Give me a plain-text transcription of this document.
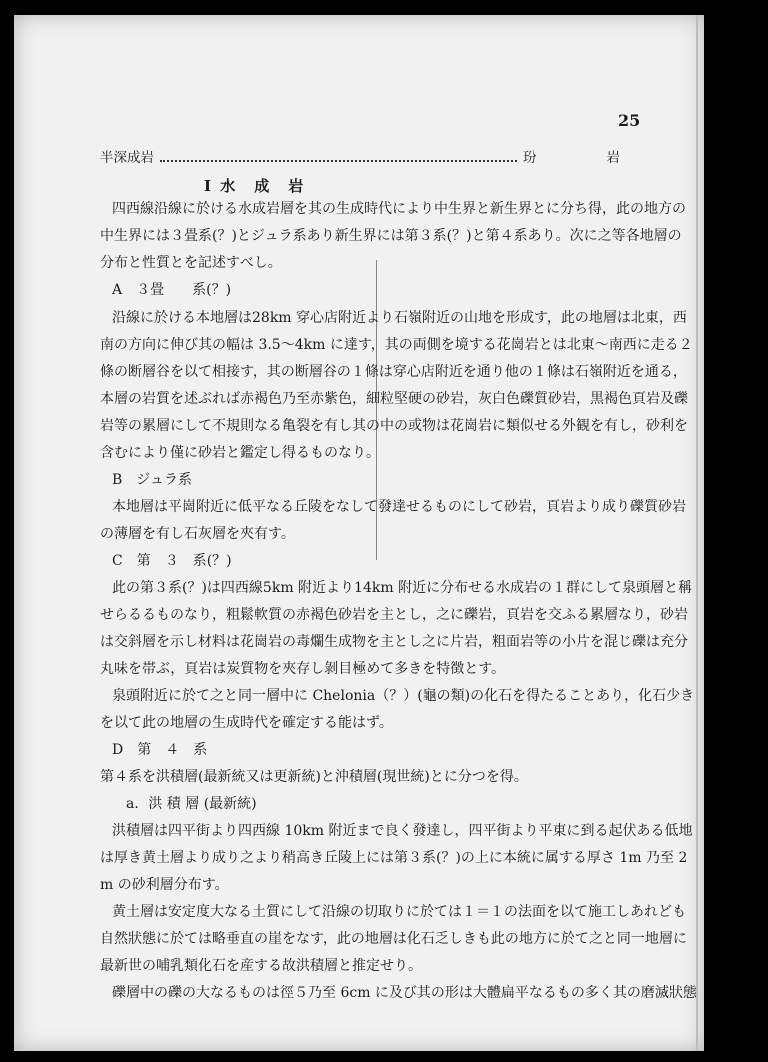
25
半深成岩	玢	岩
I 水　成　岩
四西線沿線に於ける水成岩層を其の生成時代により中生界と新生界とに分ち得，此の地方の
中生界には３畳系(？)とジュラ系あり新生界には第３系(？)と第４系あり。次に之等各地層の
分布と性質とを記述すべし。
A　３畳　　系(？)
沿線に於ける本地層は28km 穿心店附近より石嶺附近の山地を形成す，此の地層は北東，西
南の方向に伸び其の幅は 3.5～4km に達す，其の両側を境する花崗岩とは北東～南西に走る２
條の断層谷を以て相接す，其の断層谷の１條は穿心店附近を通り他の１條は石嶺附近を通る，
本層の岩質を述ぶれば赤褐色乃至赤紫色，細粒堅硬の砂岩，灰白色礫質砂岩，黒褐色頁岩及礫
岩等の累層にして不規則なる亀裂を有し其の中の或物は花崗岩に類似せる外観を有し，砂利を
含むにより僅に砂岩と鑑定し得るものなり。
B　ジュラ系
本地層は平崗附近に低平なる丘陵をなして發達せるものにして砂岩，頁岩より成り礫質砂岩
の薄層を有し石灰層を夾有す。
C　第　３　系(？)
此の第３系(？)は四西線5km 附近より14km 附近に分布せる水成岩の１群にして泉頭層と稱
せらるるものなり，粗鬆軟質の赤褐色砂岩を主とし，之に礫岩，頁岩を交ふる累層なり，砂岩
は交斜層を示し材料は花崗岩の毒爛生成物を主とし之に片岩，粗面岩等の小片を混じ礫は充分
丸味を帯ぶ，頁岩は炭質物を夾存し剝目極めて多きを特徴とす。
泉頭附近に於て之と同一層中に Chelonia（？）(龜の類)の化石を得たることあり，化石少き
を以て此の地層の生成時代を確定する能はず。
D　第　４　系
第４系を洪積層(最新統又は更新統)と沖積層(現世統)とに分つを得。
a．洪 積 層 (最新統)
洪積層は四平街より四西線 10km 附近まで良く發達し，四平街より平東に到る起伏ある低地
は厚き黄土層より成り之より稍高き丘陵上には第３系(？)の上に本統に属する厚さ 1m 乃至 2
m の砂利層分布す。
黄土層は安定度大なる土質にして沿線の切取りに於ては１＝１の法面を以て施工しあれども
自然狀態に於ては略垂直の崖をなす，此の地層は化石乏しきも此の地方に於て之と同一地層に
最新世の哺乳類化石を産する故洪積層と推定せり。
礫層中の礫の大なるものは徑５乃至 6cm に及び其の形は大體扁平なるもの多く其の磨滅狀態
